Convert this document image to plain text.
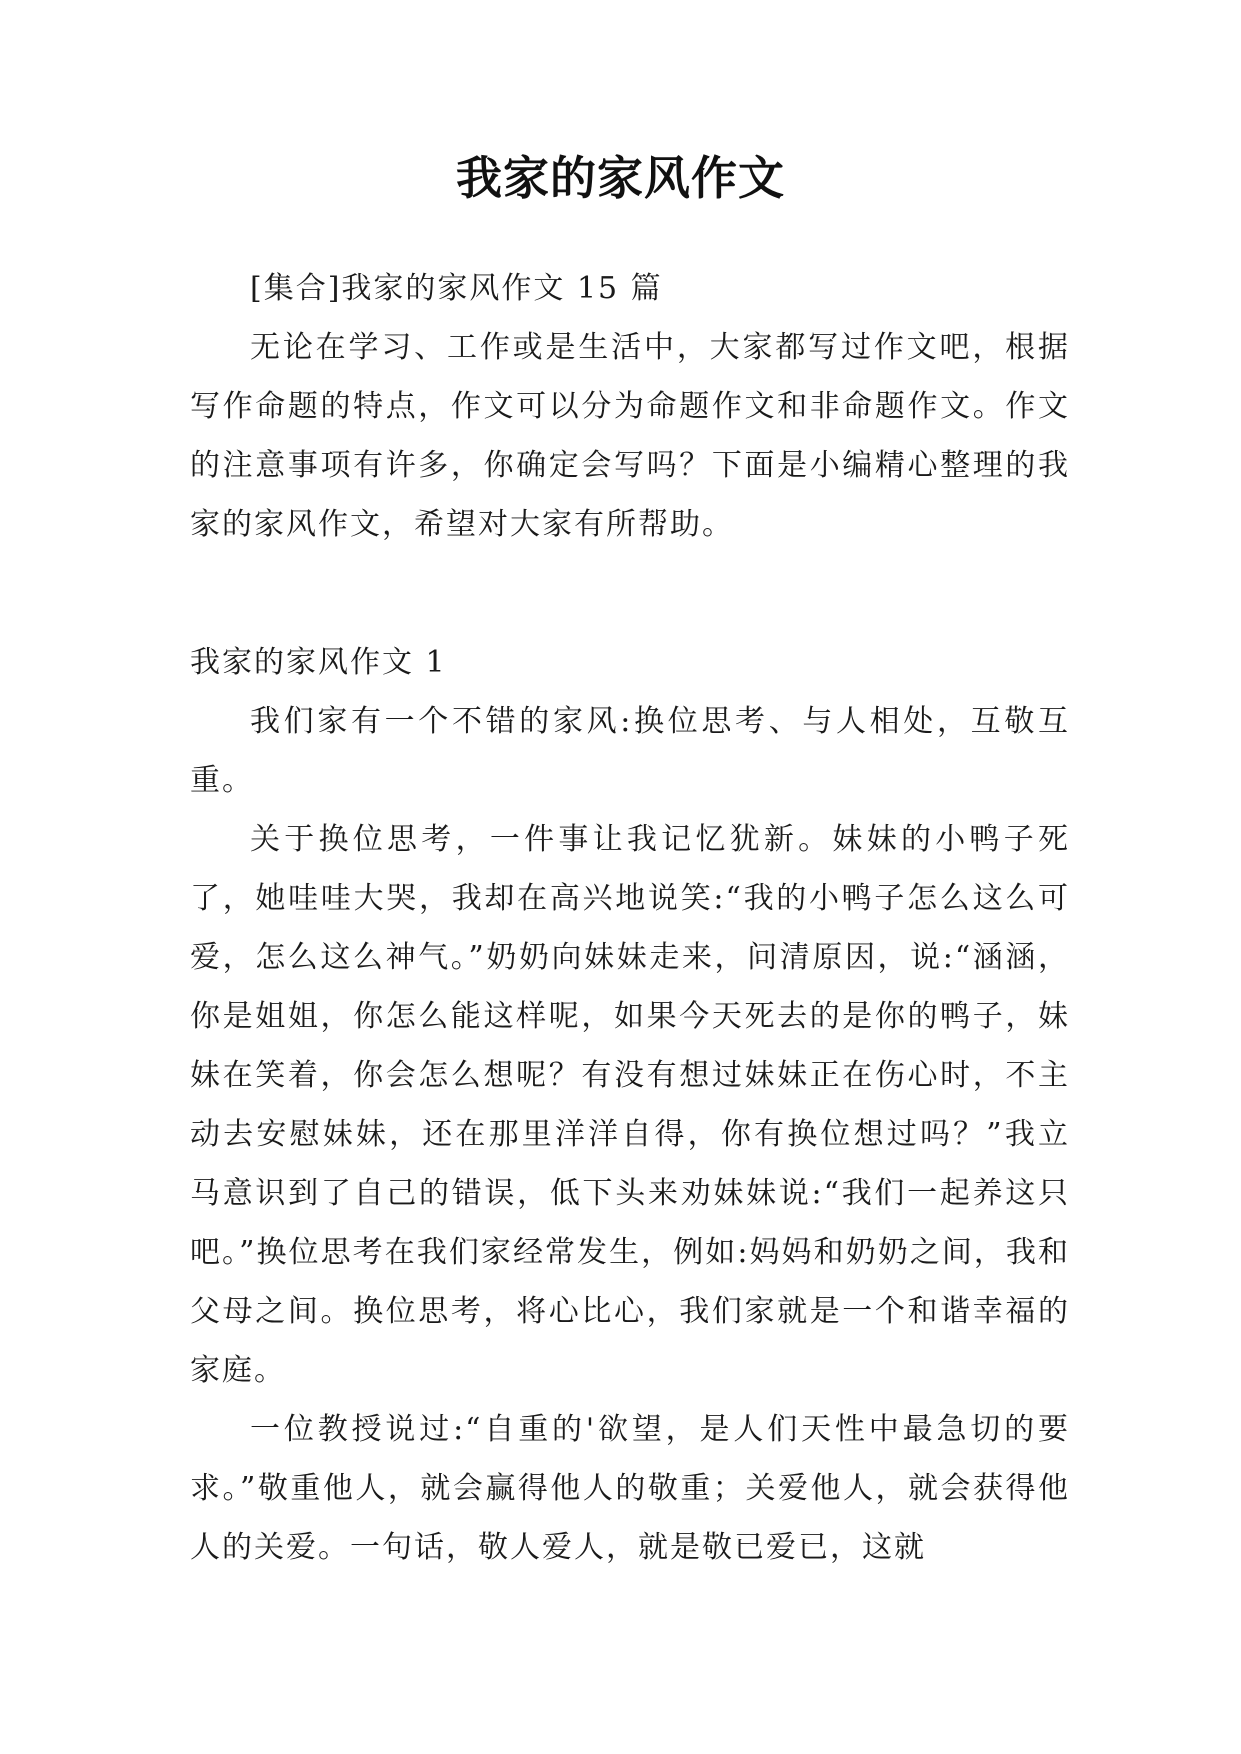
我家的家风作文

[集合]我家的家风作文 15 篇

无论在学习、工作或是生活中，大家都写过作文吧，根据写作命题的特点，作文可以分为命题作文和非命题作文。作文的注意事项有许多，你确定会写吗？下面是小编精心整理的我家的家风作文，希望对大家有所帮助。

我家的家风作文 1

我们家有一个不错的家风:换位思考、与人相处，互敬互重。

关于换位思考，一件事让我记忆犹新。妹妹的小鸭子死了，她哇哇大哭，我却在高兴地说笑:“我的小鸭子怎么这么可爱，怎么这么神气。”奶奶向妹妹走来，问清原因，说:“涵涵，你是姐姐，你怎么能这样呢，如果今天死去的是你的鸭子，妹妹在笑着，你会怎么想呢？有没有想过妹妹正在伤心时，不主动去安慰妹妹，还在那里洋洋自得，你有换位想过吗？”我立马意识到了自己的错误，低下头来劝妹妹说:“我们一起养这只吧。”换位思考在我们家经常发生，例如:妈妈和奶奶之间，我和父母之间。换位思考，将心比心，我们家就是一个和谐幸福的家庭。

一位教授说过:“自重的'欲望，是人们天性中最急切的要求。”敬重他人，就会赢得他人的敬重；关爱他人，就会获得他人的关爱。一句话，敬人爱人，就是敬已爱已，这就
